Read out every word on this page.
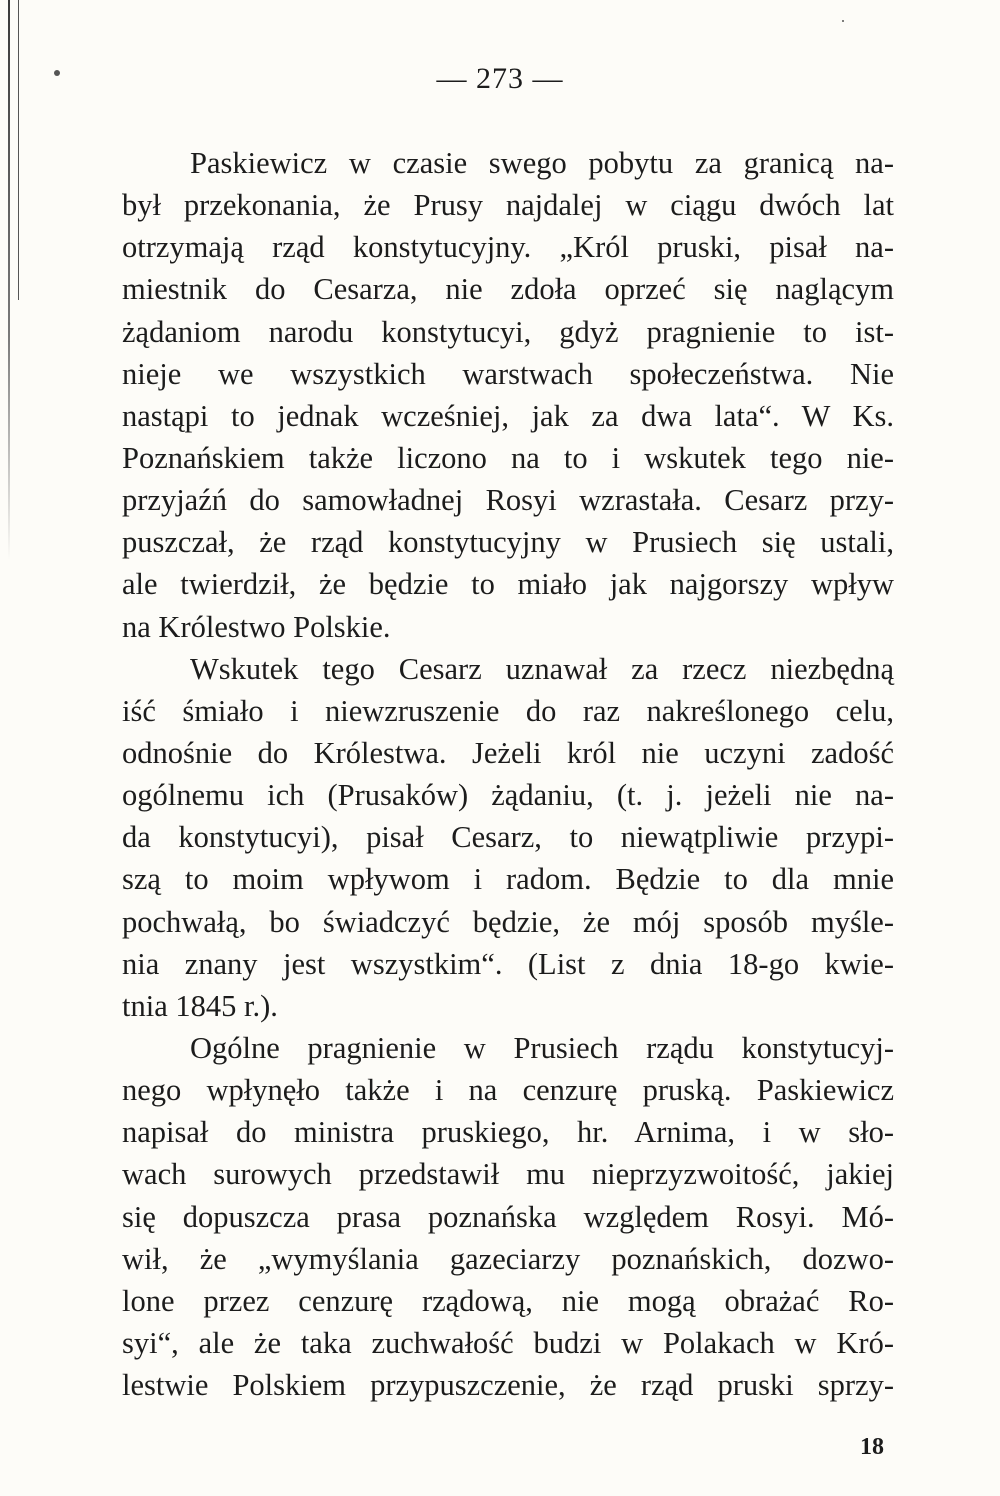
— 273 —
Paskiewicz w czasie swego pobytu za granicą na-
był przekonania, że Prusy najdalej w ciągu dwóch lat
otrzymają rząd konstytucyjny. „Król pruski, pisał na-
miestnik do Cesarza, nie zdoła oprzeć się naglącym
żądaniom narodu konstytucyi, gdyż pragnienie to ist-
nieje we wszystkich warstwach społeczeństwa. Nie
nastąpi to jednak wcześniej, jak za dwa lata“. W Ks.
Poznańskiem także liczono na to i wskutek tego nie-
przyjaźń do samowładnej Rosyi wzrastała. Cesarz przy-
puszczał, że rząd konstytucyjny w Prusiech się ustali,
ale twierdził, że będzie to miało jak najgorszy wpływ
na Królestwo Polskie.
Wskutek tego Cesarz uznawał za rzecz niezbędną
iść śmiało i niewzruszenie do raz nakreślonego celu,
odnośnie do Królestwa. Jeżeli król nie uczyni zadość
ogólnemu ich (Prusaków) żądaniu, (t. j. jeżeli nie na-
da konstytucyi), pisał Cesarz, to niewątpliwie przypi-
szą to moim wpływom i radom. Będzie to dla mnie
pochwałą, bo świadczyć będzie, że mój sposób myśle-
nia znany jest wszystkim“. (List z dnia 18-go kwie-
tnia 1845 r.).
Ogólne pragnienie w Prusiech rządu konstytucyj-
nego wpłynęło także i na cenzurę pruską. Paskiewicz
napisał do ministra pruskiego, hr. Arnima, i w sło-
wach surowych przedstawił mu nieprzyzwoitość, jakiej
się dopuszcza prasa poznańska względem Rosyi. Mó-
wił, że „wymyślania gazeciarzy poznańskich, dozwo-
lone przez cenzurę rządową, nie mogą obrażać Ro-
syi“, ale że taka zuchwałość budzi w Polakach w Kró-
lestwie Polskiem przypuszczenie, że rząd pruski sprzy-
18
